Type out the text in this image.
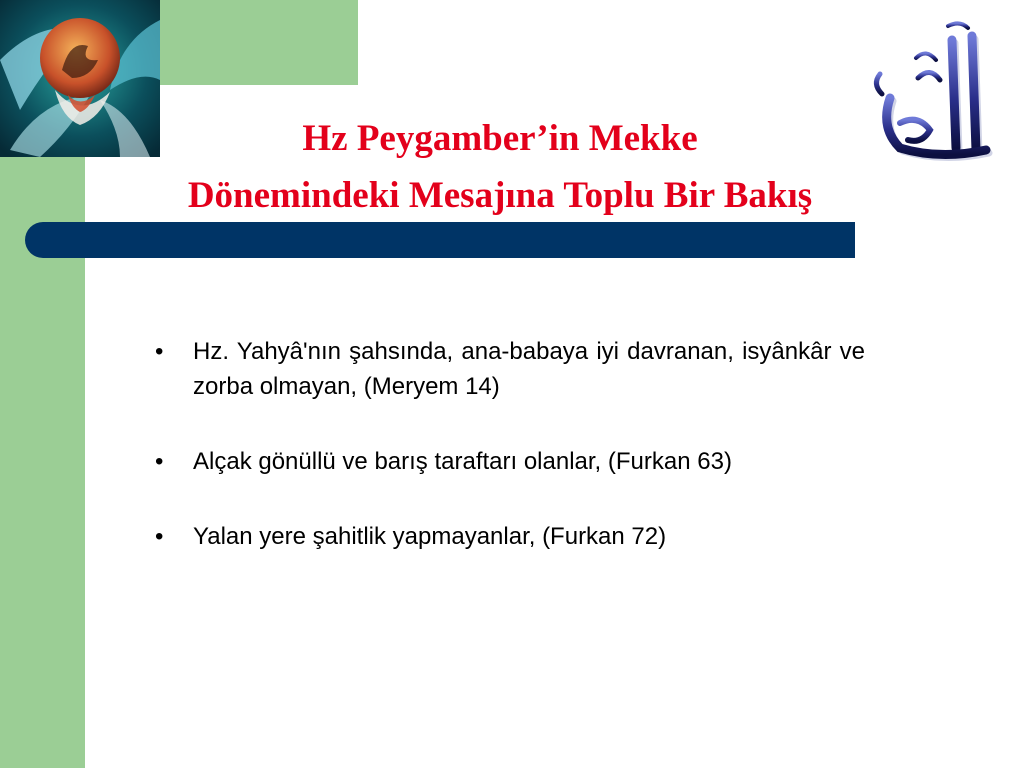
Hz Peygamber’in Mekke
Dönemindeki Mesajına Toplu Bir Bakış
• Hz. Yahyâ'nın şahsında, ana-babaya iyi davranan, isyânkâr ve zorba olmayan, (Meryem 14)
• Alçak gönüllü ve barış taraftarı olanlar, (Furkan 63)
• Yalan yere şahitlik yapmayanlar, (Furkan 72)
